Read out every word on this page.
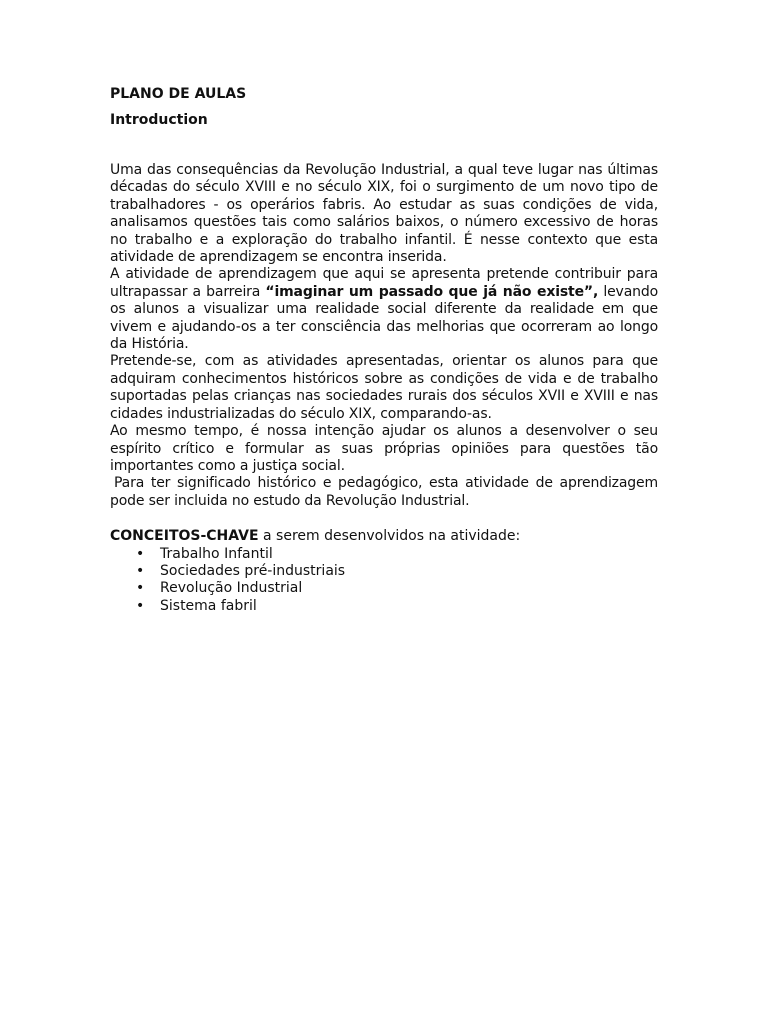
PLANO DE AULAS
Introduction

Uma das consequências da Revolução Industrial, a qual teve lugar nas últimas décadas do século XVIII e no século XIX, foi o surgimento de um novo tipo de trabalhadores - os operários fabris. Ao estudar as suas condições de vida, analisamos questões tais como salários baixos, o número excessivo de horas no trabalho e a exploração do trabalho infantil. É nesse contexto que esta atividade de aprendizagem se encontra inserida.

A atividade de aprendizagem que aqui se apresenta pretende contribuir para ultrapassar a barreira “imaginar um passado que já não existe”, levando os alunos a visualizar uma realidade social diferente da realidade em que vivem e ajudando-os a ter consciência das melhorias que ocorreram ao longo da História.

Pretende-se, com as atividades apresentadas, orientar os alunos para que adquiram conhecimentos históricos sobre as condições de vida e de trabalho suportadas pelas crianças nas sociedades rurais dos séculos XVII e XVIII e nas cidades industrializadas do século XIX, comparando-as.

Ao mesmo tempo, é nossa intenção ajudar os alunos a desenvolver o seu espírito crítico e formular as suas próprias opiniões para questões tão importantes como a justiça social.

Para ter significado histórico e pedagógico, esta atividade de aprendizagem pode ser incluida no estudo da Revolução Industrial.

CONCEITOS-CHAVE a serem desenvolvidos na atividade:

• Trabalho Infantil
• Sociedades pré-industriais
• Revolução Industrial
• Sistema fabril
